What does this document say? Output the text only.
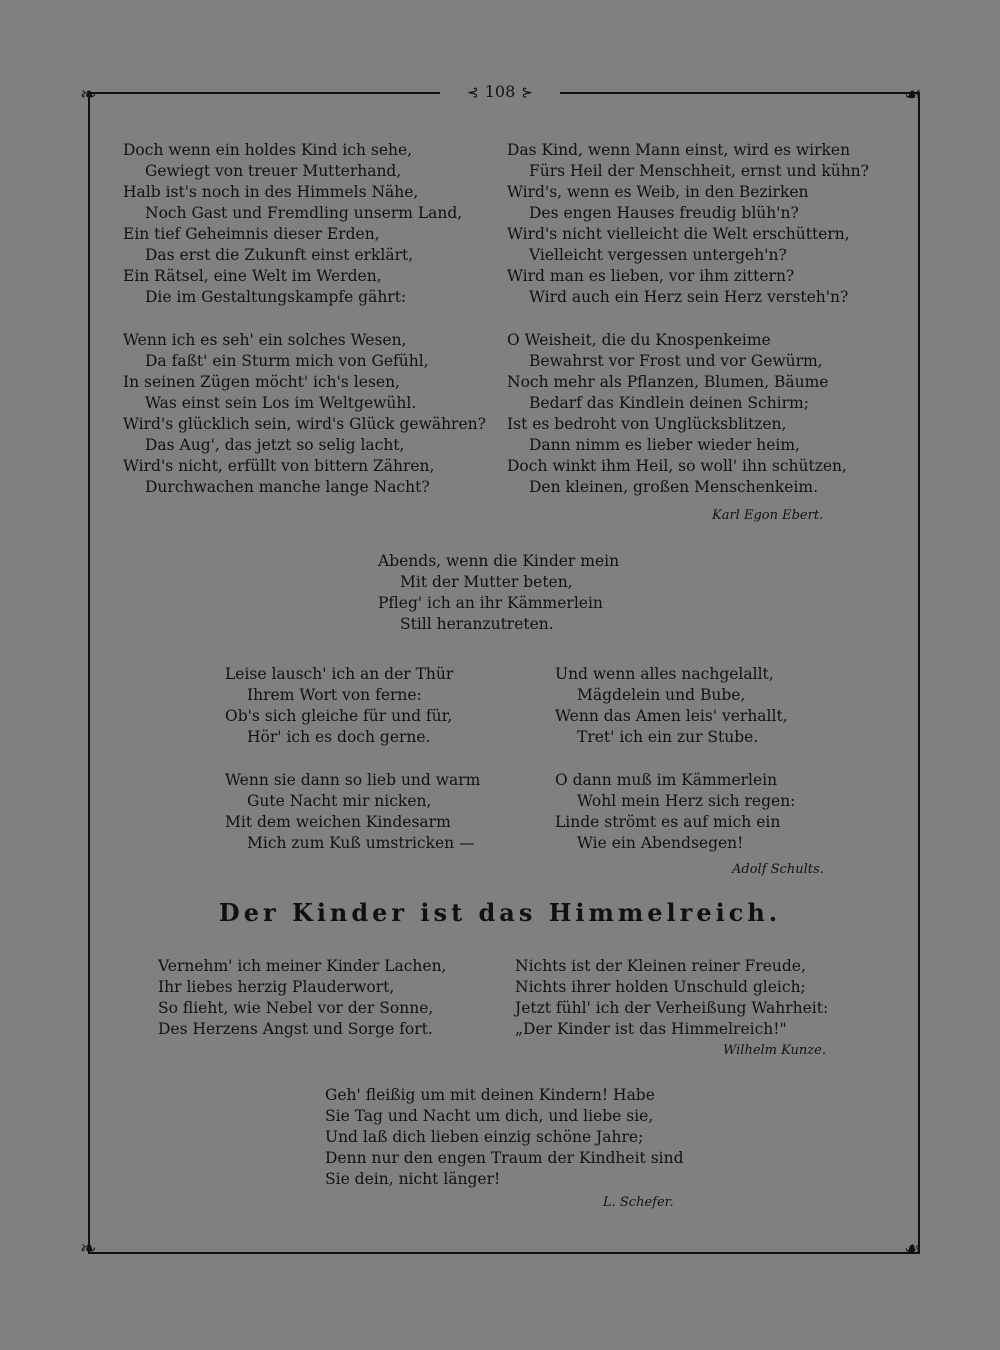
❧	☙
❧	☙
⊰ 108 ⊱
Doch wenn ein holdes Kind ich sehe,
Gewiegt von treuer Mutterhand,
Halb ist's noch in des Himmels Nähe,
Noch Gast und Fremdling unserm Land,
Ein tief Geheimnis dieser Erden,
Das erst die Zukunft einst erklärt,
Ein Rätsel, eine Welt im Werden,
Die im Gestaltungskampfe gährt:
Wenn ich es seh' ein solches Wesen,
Da faßt' ein Sturm mich von Gefühl,
In seinen Zügen möcht' ich's lesen,
Was einst sein Los im Weltgewühl.
Wird's glücklich sein, wird's Glück gewähren?
Das Aug', das jetzt so selig lacht,
Wird's nicht, erfüllt von bittern Zähren,
Durchwachen manche lange Nacht?
Das Kind, wenn Mann einst, wird es wirken
Fürs Heil der Menschheit, ernst und kühn?
Wird's, wenn es Weib, in den Bezirken
Des engen Hauses freudig blüh'n?
Wird's nicht vielleicht die Welt erschüttern,
Vielleicht vergessen untergeh'n?
Wird man es lieben, vor ihm zittern?
Wird auch ein Herz sein Herz versteh'n?
O Weisheit, die du Knospenkeime
Bewahrst vor Frost und vor Gewürm,
Noch mehr als Pflanzen, Blumen, Bäume
Bedarf das Kindlein deinen Schirm;
Ist es bedroht von Unglücksblitzen,
Dann nimm es lieber wieder heim,
Doch winkt ihm Heil, so woll' ihn schützen,
Den kleinen, großen Menschenkeim.
Karl Egon Ebert.
Abends, wenn die Kinder mein
Mit der Mutter beten,
Pfleg' ich an ihr Kämmerlein
Still heranzutreten.
Leise lausch' ich an der Thür
Ihrem Wort von ferne:
Ob's sich gleiche für und für,
Hör' ich es doch gerne.
Wenn sie dann so lieb und warm
Gute Nacht mir nicken,
Mit dem weichen Kindesarm
Mich zum Kuß umstricken —
Und wenn alles nachgelallt,
Mägdelein und Bube,
Wenn das Amen leis' verhallt,
Tret' ich ein zur Stube.
O dann muß im Kämmerlein
Wohl mein Herz sich regen:
Linde strömt es auf mich ein
Wie ein Abendsegen!
Adolf Schults.
Der Kinder ist das Himmelreich.
Vernehm' ich meiner Kinder Lachen,
Ihr liebes herzig Plauderwort,
So flieht, wie Nebel vor der Sonne,
Des Herzens Angst und Sorge fort.
Nichts ist der Kleinen reiner Freude,
Nichts ihrer holden Unschuld gleich;
Jetzt fühl' ich der Verheißung Wahrheit:
„Der Kinder ist das Himmelreich!"
Wilhelm Kunze.
Geh' fleißig um mit deinen Kindern! Habe
Sie Tag und Nacht um dich, und liebe sie,
Und laß dich lieben einzig schöne Jahre;
Denn nur den engen Traum der Kindheit sind
Sie dein, nicht länger!
L. Schefer.
